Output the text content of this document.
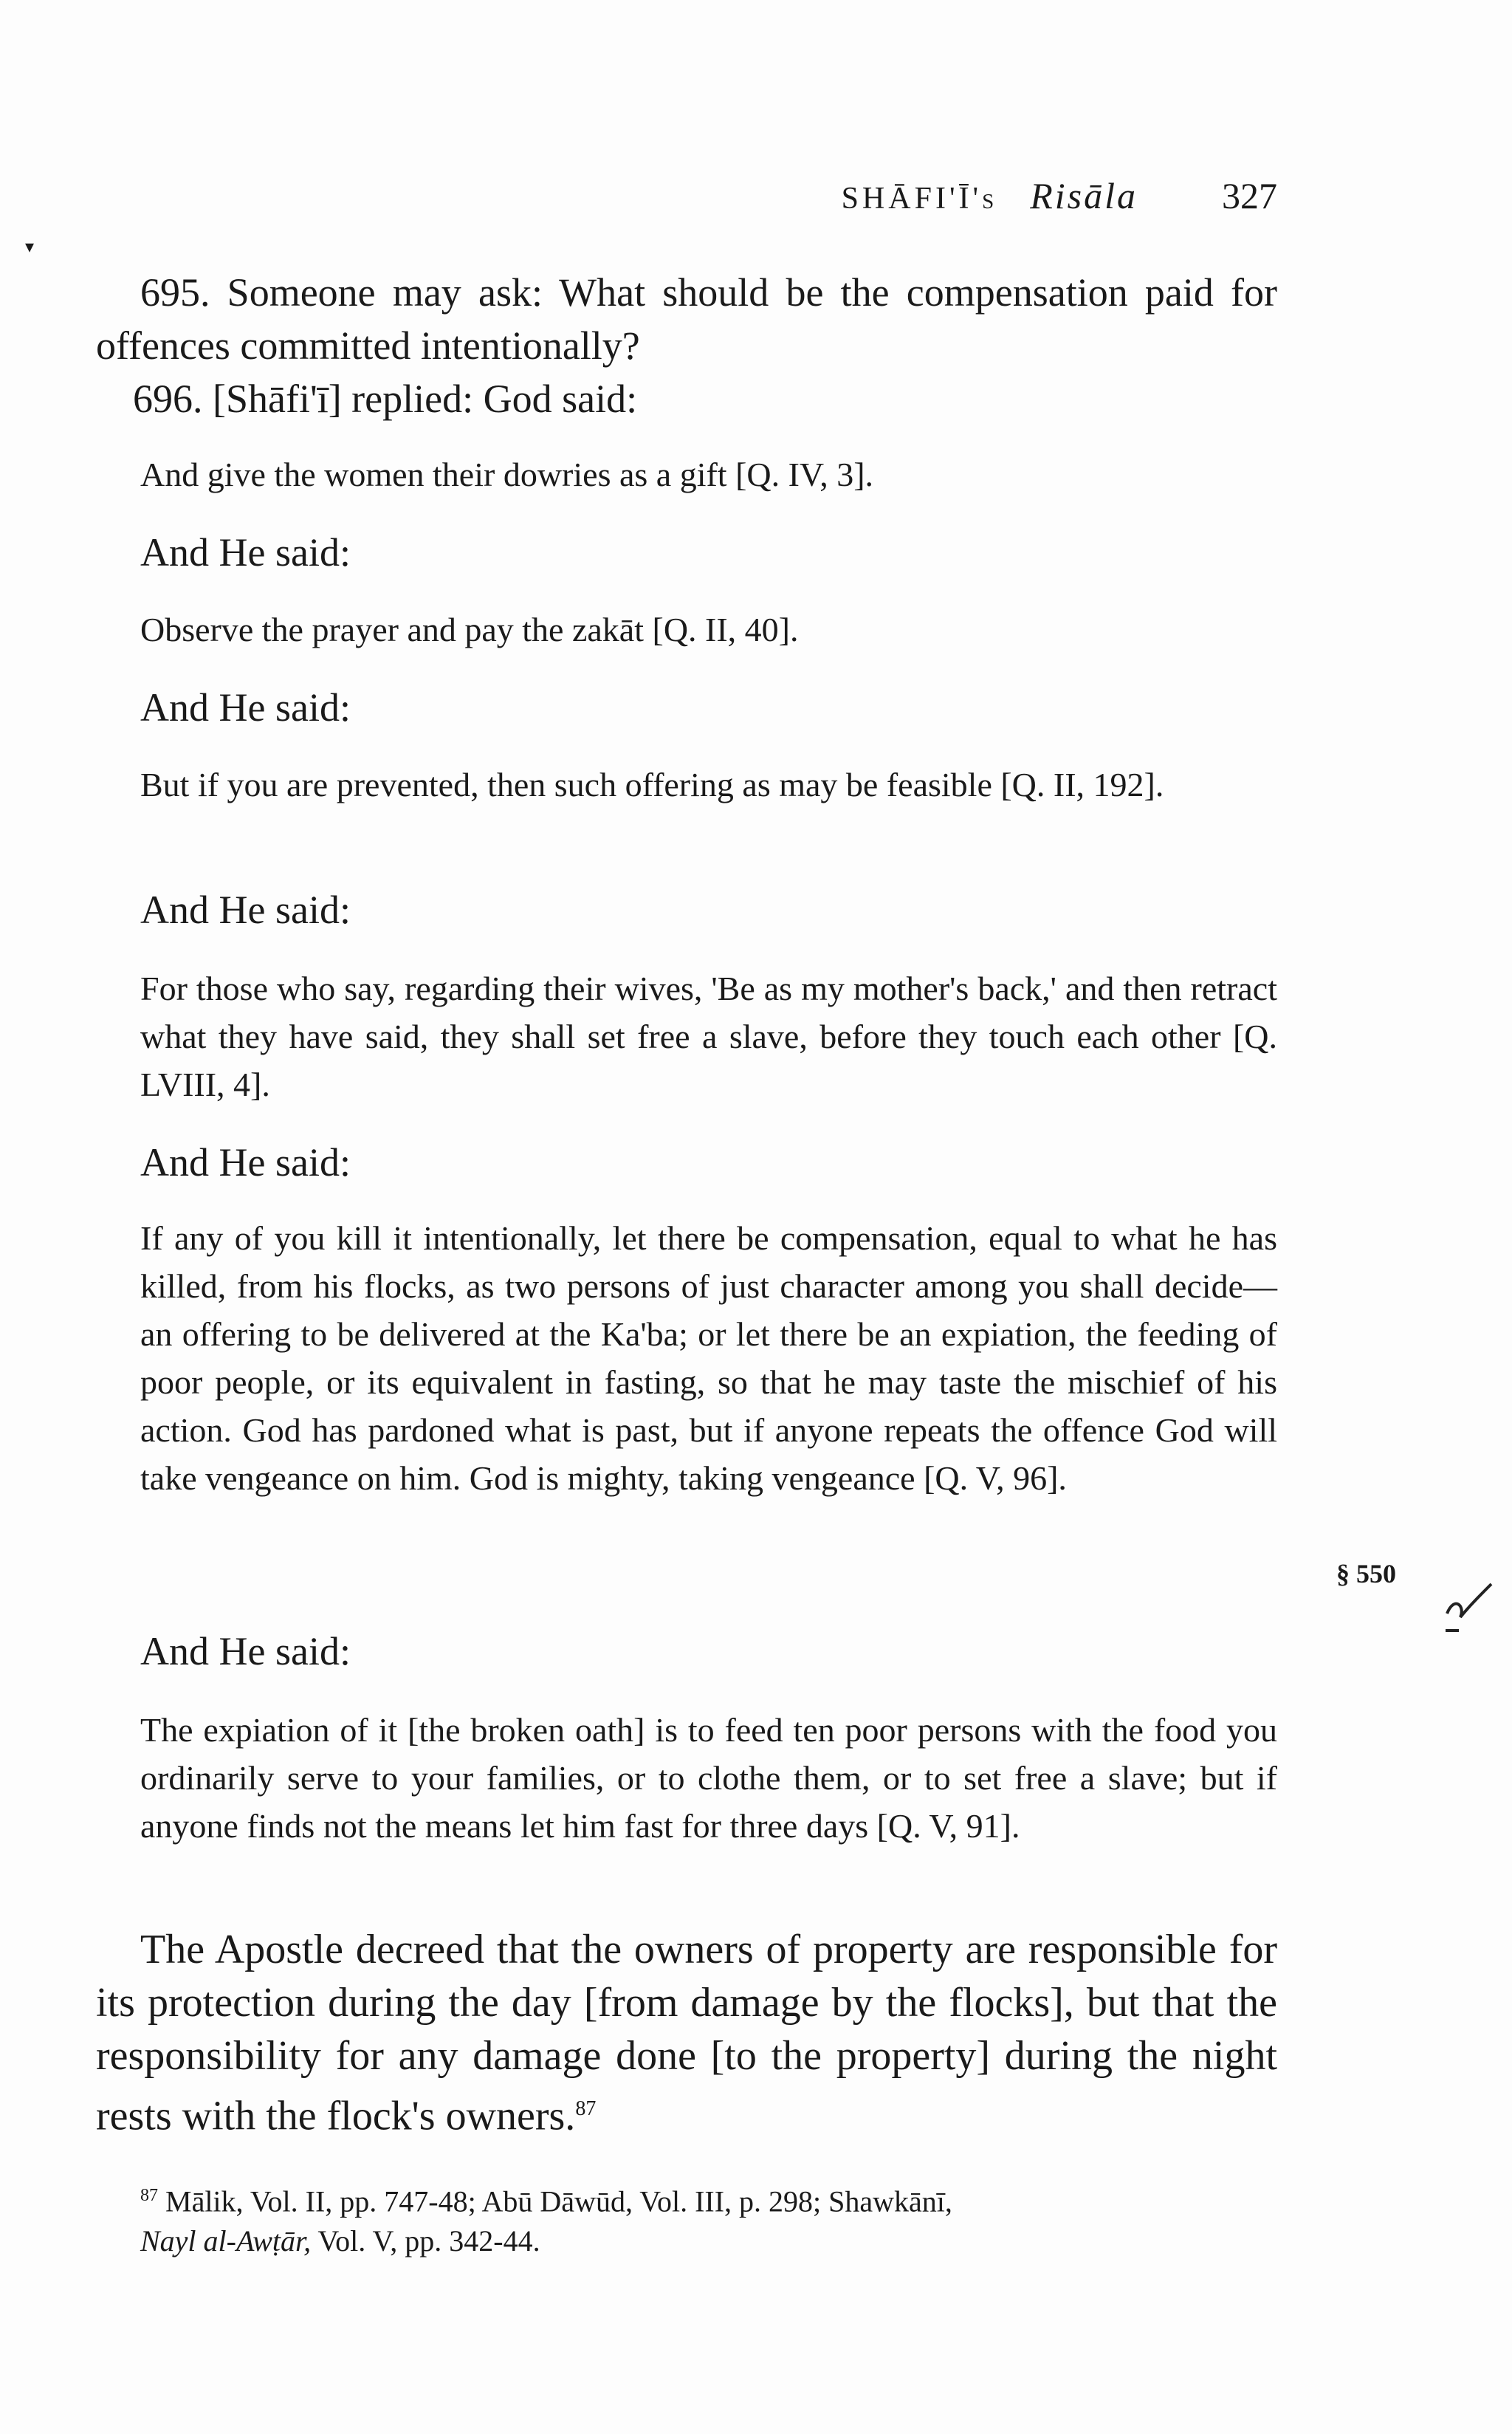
▾
SHĀFI'Ī's Risāla 327

695. Someone may ask: What should be the compensation paid for offences committed intentionally?

696. [Shāfi'ī] replied: God said:

And give the women their dowries as a gift [Q. IV, 3].

And He said:

Observe the prayer and pay the zakāt [Q. II, 40].

And He said:

But if you are prevented, then such offering as may be feasible [Q. II, 192].

And He said:

For those who say, regarding their wives, 'Be as my mother's back,' and then retract what they have said, they shall set free a slave, before they touch each other [Q. LVIII, 4].

And He said:

If any of you kill it intentionally, let there be compensation, equal to what he has killed, from his flocks, as two persons of just character among you shall decide—an offering to be delivered at the Ka'ba; or let there be an expiation, the feeding of poor people, or its equivalent in fasting, so that he may taste the mischief of his action. God has pardoned what is past, but if anyone repeats the offence God will take vengeance on him. God is mighty, taking vengeance [Q. V, 96].

And He said:

The expiation of it [the broken oath] is to feed ten poor persons with the food you ordinarily serve to your families, or to clothe them, or to set free a slave; but if anyone finds not the means let him fast for three days [Q. V, 91].

The Apostle decreed that the owners of property are responsible for its protection during the day [from damage by the flocks], but that the responsibility for any damage done [to the property] during the night rests with the flock's owners.$^{87}$

$^{87}$ Mālik, Vol. II, pp. 747-48; Abū Dāwūd, Vol. III, p. 298; Shawkānī,
Nayl al-Awṭār, Vol. V, pp. 342-44.

§ 550
